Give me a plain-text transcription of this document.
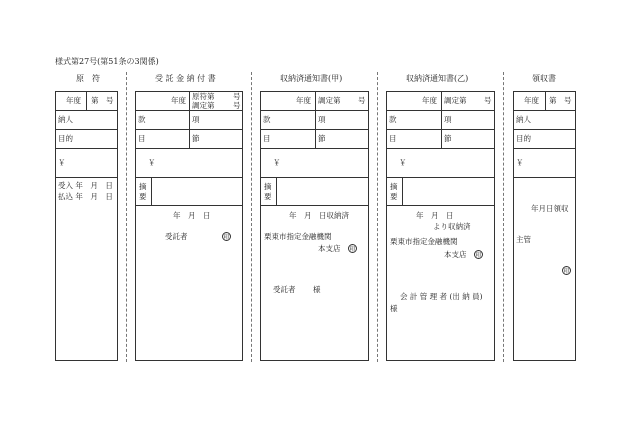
様式第27号(第51条の3関係)
原　符
年度 第　号
納人
目的
￥
受入 年　月　日
払込 年　月　日
受 託 金 納 付 書
年度 原符第 号
調定第 号
款	項
目	節
￥
摘
要
年　月　日
受託者	印
収納済通知書(甲)
年度 調定第 号
款	項
目	節
￥
摘
要
年　月　日収納済
栗東市指定金融機関
本支店 印
受託者 様
収納済通知書(乙)
年度 調定第 号
款	項
目	節
￥
摘
要
年　月　日
より収納済
栗東市指定金融機関
本支店 印
会 計 管 理 者 (出 納 員)
様
領収書
年度 第　号
納人
目的
￥
年月日領収
主管
印
